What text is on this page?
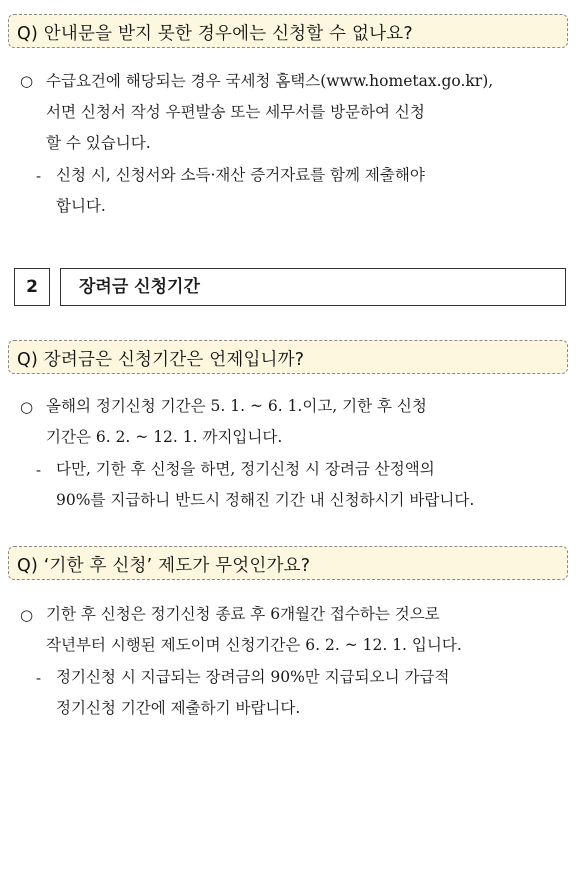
Q) 안내문을 받지 못한 경우에는 신청할 수 없나요?
○ 수급요건에 해당되는 경우 국세청 홈택스(www.hometax.go.kr),
서면 신청서 작성 우편발송 또는 세무서를 방문하여 신청
할 수 있습니다.
- 신청 시, 신청서와 소득·재산 증거자료를 함께 제출해야
합니다.
2	장려금 신청기간
Q) 장려금은 신청기간은 언제입니까?
○ 올해의 정기신청 기간은 5. 1. ~ 6. 1.이고, 기한 후 신청
기간은 6. 2. ~ 12. 1. 까지입니다.
- 다만, 기한 후 신청을 하면, 정기신청 시 장려금 산정액의
90%를 지급하니 반드시 정해진 기간 내 신청하시기 바랍니다.
Q) ‘기한 후 신청’ 제도가 무엇인가요?
○ 기한 후 신청은 정기신청 종료 후 6개월간 접수하는 것으로
작년부터 시행된 제도이며 신청기간은 6. 2. ~ 12. 1. 입니다.
- 정기신청 시 지급되는 장려금의 90%만 지급되오니 가급적
정기신청 기간에 제출하기 바랍니다.
